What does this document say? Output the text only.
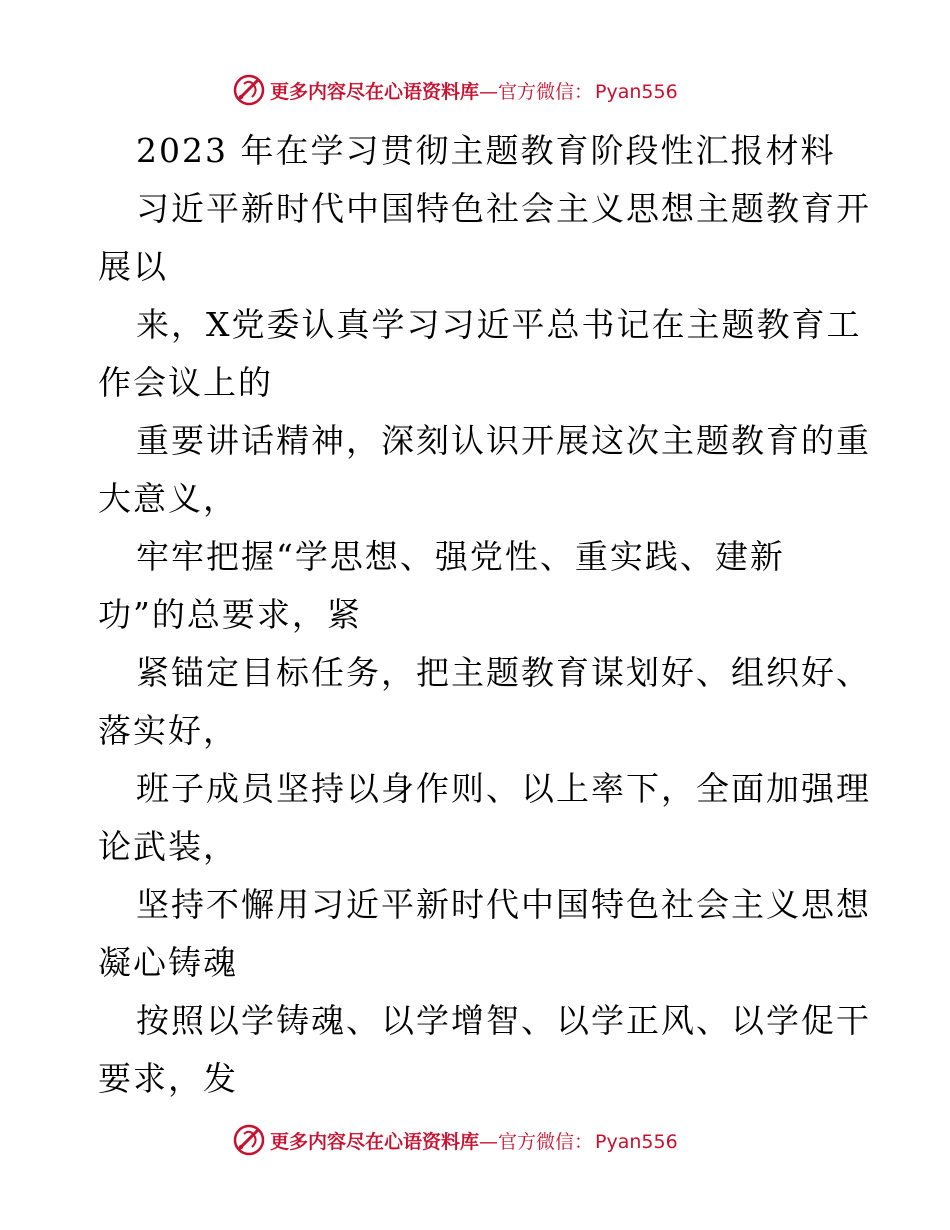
更多内容尽在心语资料库—官方微信： Pyan556
2023 年在学习贯彻主题教育阶段性汇报材料
习近平新时代中国特色社会主义思想主题教育开
展以
来，X党委认真学习习近平总书记在主题教育工
作会议上的
重要讲话精神，深刻认识开展这次主题教育的重
大意义，
牢牢把握“学思想、强党性、重实践、建新
功”的总要求，紧
紧锚定目标任务，把主题教育谋划好、组织好、
落实好，
班子成员坚持以身作则、以上率下，全面加强理
论武装，
坚持不懈用习近平新时代中国特色社会主义思想
凝心铸魂
按照以学铸魂、以学增智、以学正风、以学促干
要求，发
更多内容尽在心语资料库—官方微信： Pyan556
